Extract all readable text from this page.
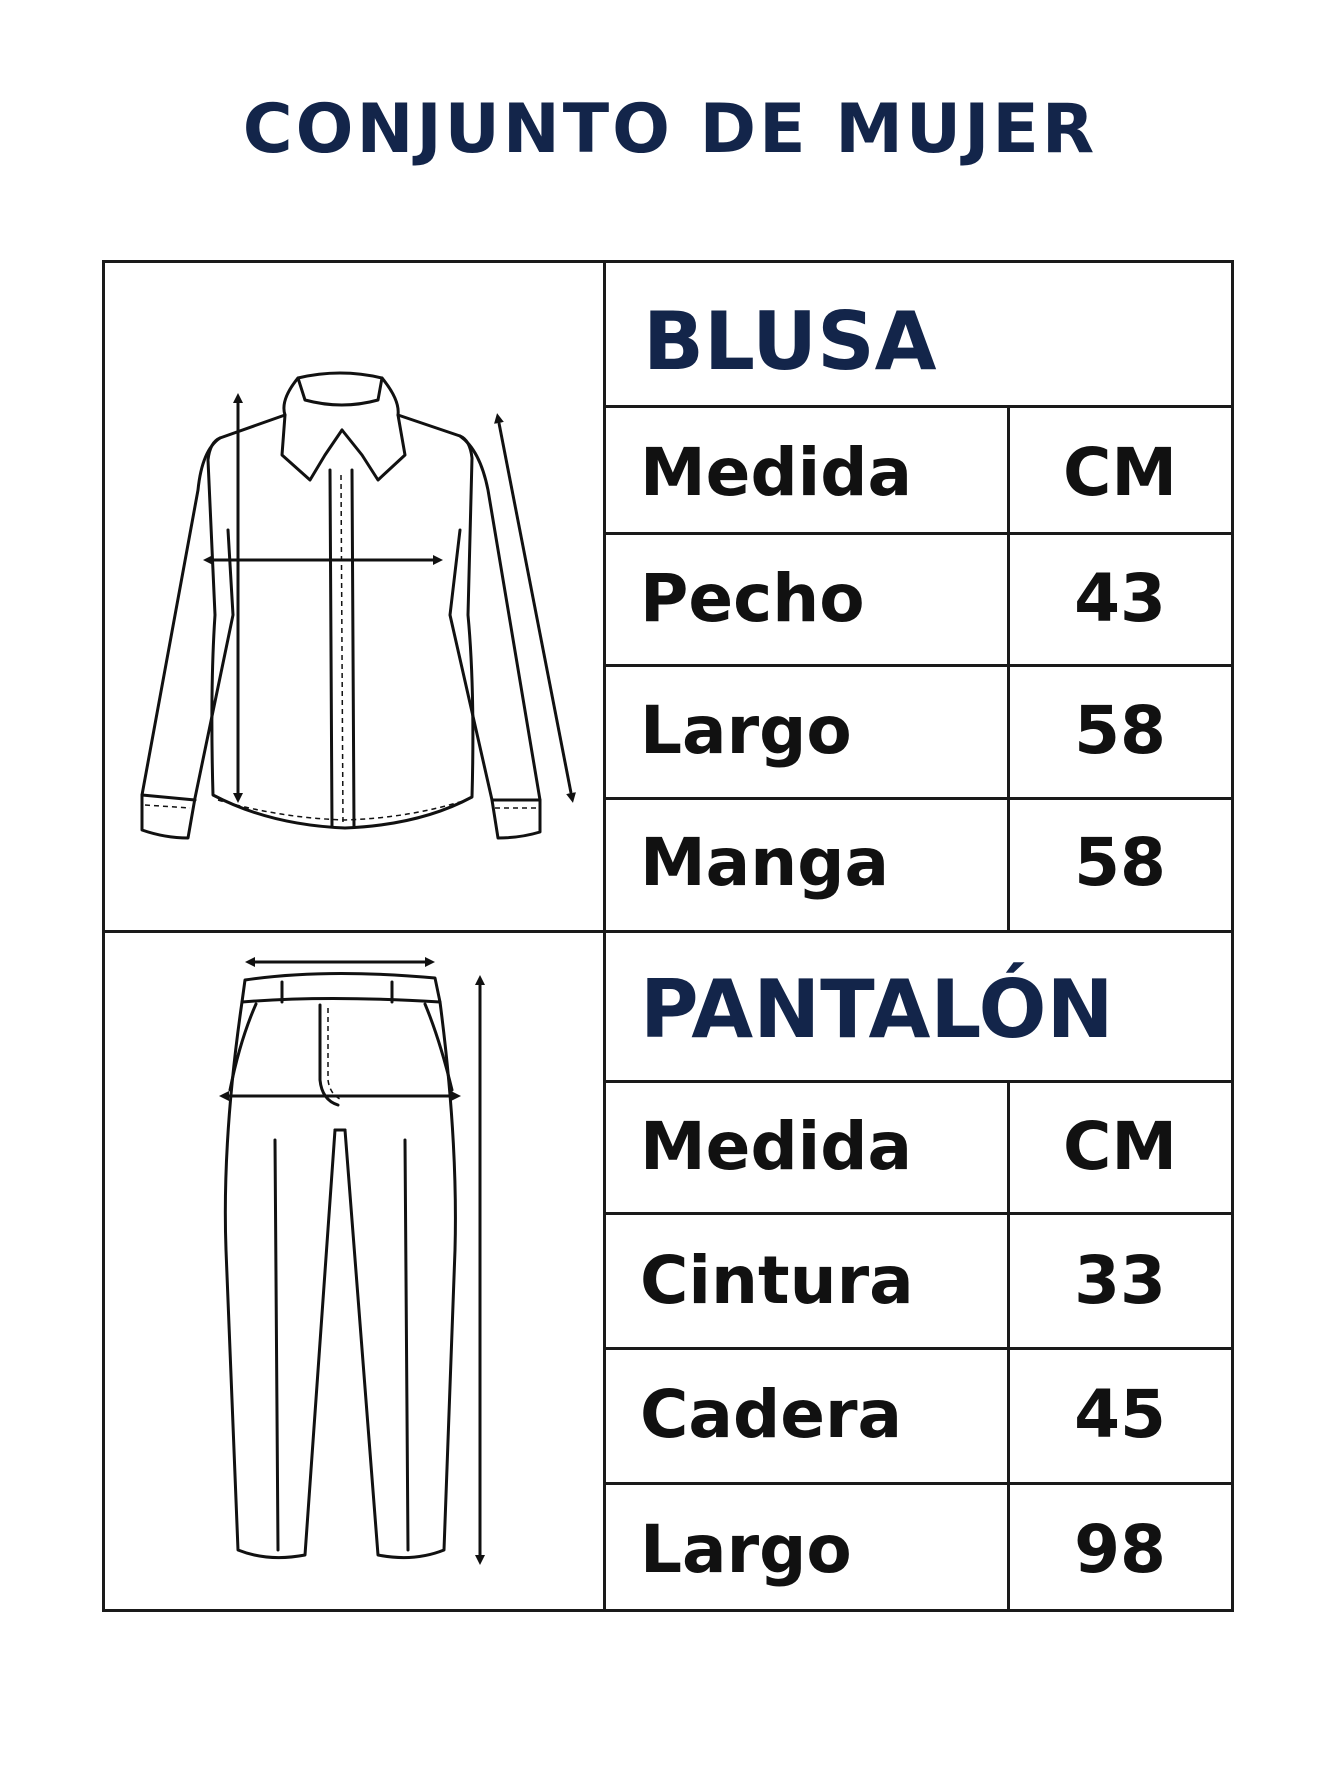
CONJUNTO DE MUJER
BLUSA
Medida	CM
Pecho	43
Largo	58
Manga	58
PANTALÓN
Medida	CM
Cintura	33
Cadera	45
Largo	98
